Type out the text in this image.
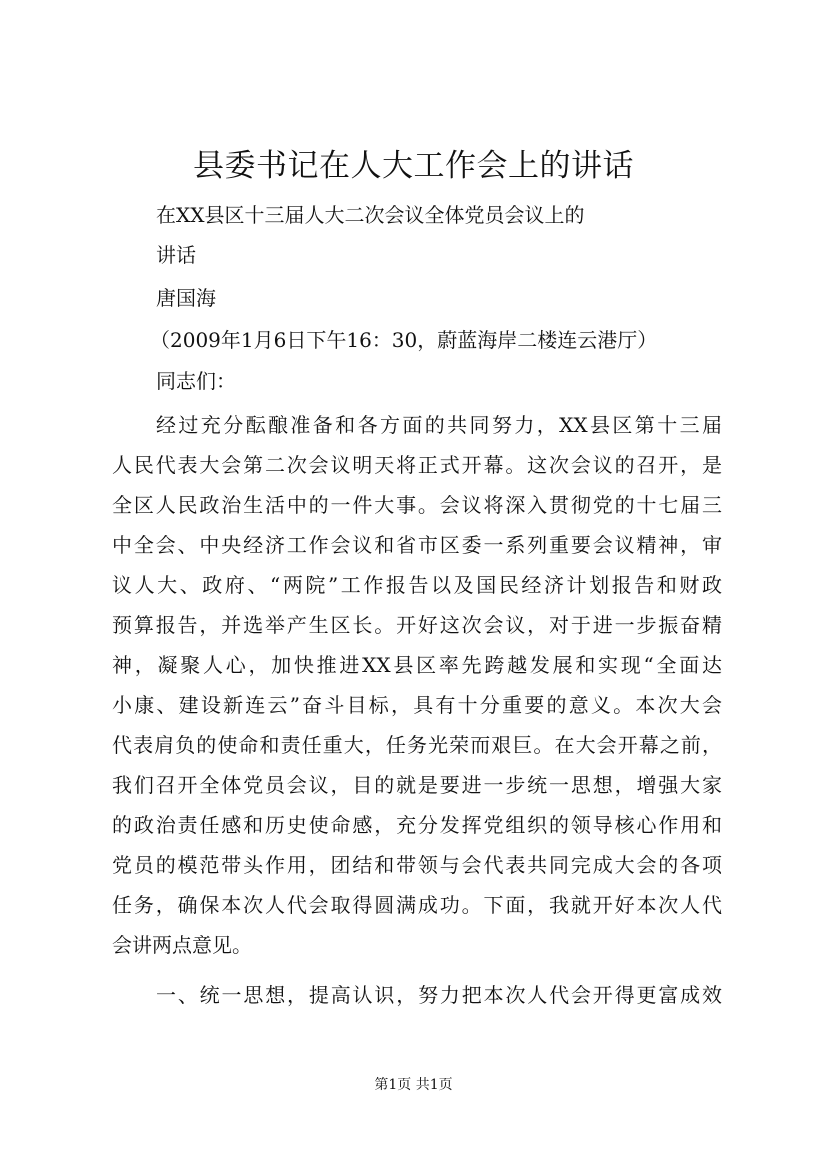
县委书记在人大工作会上的讲话
在XX县区十三届人大二次会议全体党员会议上的
讲话
唐国海
（2009年1月6日下午16：30，蔚蓝海岸二楼连云港厅）
同志们：
经过充分酝酿准备和各方面的共同努力，XX县区第十三届
人民代表大会第二次会议明天将正式开幕。这次会议的召开，是
全区人民政治生活中的一件大事。会议将深入贯彻党的十七届三
中全会、中央经济工作会议和省市区委一系列重要会议精神，审
议人大、政府、“两院”工作报告以及国民经济计划报告和财政
预算报告，并选举产生区长。开好这次会议，对于进一步振奋精
神，凝聚人心，加快推进XX县区率先跨越发展和实现“全面达
小康、建设新连云”奋斗目标，具有十分重要的意义。本次大会
代表肩负的使命和责任重大，任务光荣而艰巨。在大会开幕之前，
我们召开全体党员会议，目的就是要进一步统一思想，增强大家
的政治责任感和历史使命感，充分发挥党组织的领导核心作用和
党员的模范带头作用，团结和带领与会代表共同完成大会的各项
任务，确保本次人代会取得圆满成功。下面，我就开好本次人代
会讲两点意见。
一、统一思想，提高认识，努力把本次人代会开得更富成效
第1页 共1页
